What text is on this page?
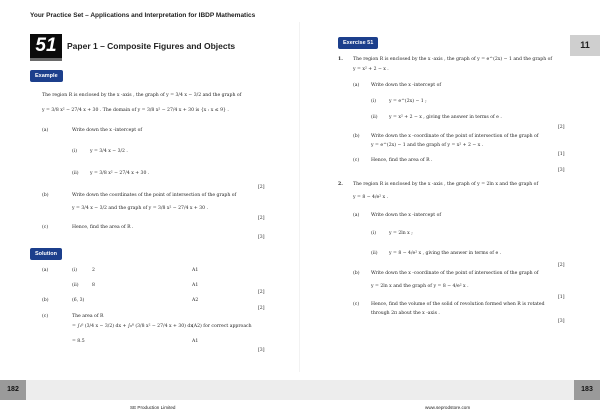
Your Practice Set – Applications and Interpretation for IBDP Mathematics
51	Paper 1 – Composite Figures and Objects
Example
The region R is enclosed by the x -axis , the graph of y = 3/4 x − 3/2 and the graph of
y = 3/8 x² − 27/4 x + 30 . The domain of y = 3/8 x² − 27/4 x + 30 is {x : x ≤ 9} .
(a)	Write down the x -intercept of
(i)	y = 3/4 x − 3/2 .
(ii) y = 3/8 x² − 27/4 x + 30 .
[2]
(b)	Write down the coordinates of the point of intersection of the graph of
y = 3/4 x − 3/2 and the graph of y = 3/8 x² − 27/4 x + 30 .
[2]
(c)	Hence, find the area of R .
[3]
Solution
(a)	(i)	2	A1
(ii)	8	A1
[2]
(b)	(6, 3)	A2
[2]
(c)	The area of R
= ∫₂⁶ (3/4 x − 3/2) dx + ∫₆⁸ (3/8 x² − 27/4 x + 30) dx (A2) for correct approach
= 8.5	A1
[3]
Exercise 51	11
1. The region R is enclosed by the x -axis , the graph of y = e^(2x) − 1 and the graph of
y = x² + 2 − x .
(a)	Write down the x -intercept of
(i)	y = e^(2x) − 1 ;
(ii) y = x² + 2 − x , giving the answer in terms of e .
[2]
(b) Write down the x -coordinate of the point of intersection of the graph of
y = e^(2x) − 1 and the graph of y = x² + 2 − x .
[1]
(c)	Hence, find the area of R .
[3]
2. The region R is enclosed by the x -axis , the graph of y = 2ln x and the graph of
y = 8 − 4/e² x .
(a)	Write down the x -intercept of
(i)	y = 2ln x ;
(ii) y = 8 − 4/e² x , giving the answer in terms of e .
[2]
(b) Write down the x -coordinate of the point of intersection of the graph of
y = 2ln x and the graph of y = 8 − 4/e² x .
[1]
(c)	Hence, find the volume of the solid of revolution formed when R is rotated
through 2π about the x -axis .
[3]
182	183
SE Production Limited	www.seprodstore.com
